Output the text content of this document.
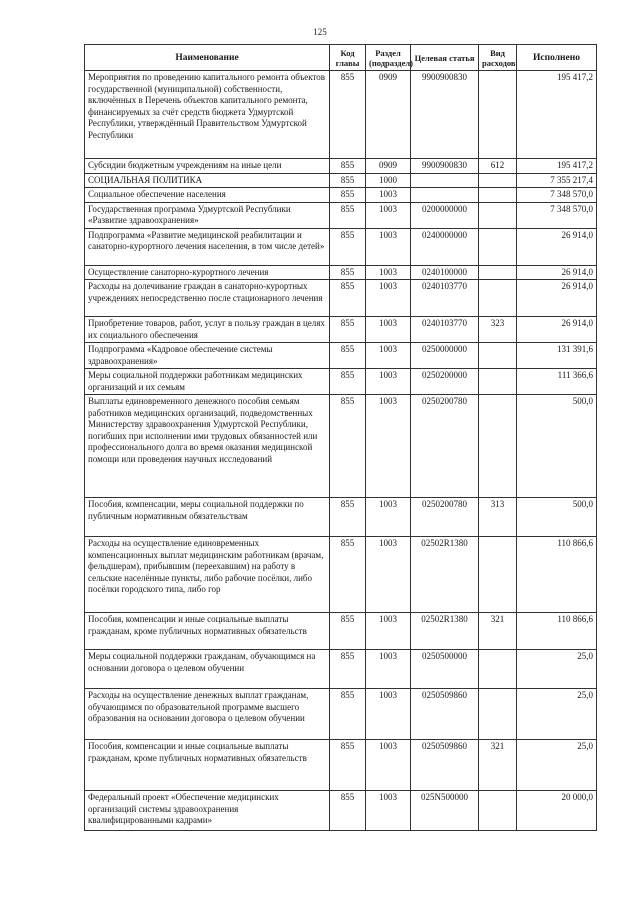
125
Наименование	Код главы	Раздел (подраздел)	Целевая статья	Вид расходов	Исполнено
Мероприятия по проведению капитального ремонта объектов государственной (муниципальной) собственности, включённых в Перечень объектов капитального ремонта, финансируемых за счёт средств бюджета Удмуртской Республики, утверждённый Правительством Удмуртской Республики	855	0909	9900900830		195 417,2
Субсидии бюджетным учреждениям на иные цели	855	0909	9900900830	612	195 417,2
СОЦИАЛЬНАЯ ПОЛИТИКА	855	1000			7 355 217,4
Социальное обеспечение населения	855	1003			7 348 570,0
Государственная программа Удмуртской Республики «Развитие здравоохранения»	855	1003	0200000000		7 348 570,0
Подпрограмма «Развитие медицинской реабилитации и санаторно-курортного лечения населения, в том числе детей»	855	1003	0240000000		26 914,0
Осуществление санаторно-курортного лечения	855	1003	0240100000		26 914,0
Расходы на долечивание граждан в санаторно-курортных учреждениях непосредственно после стационарного лечения	855	1003	0240103770		26 914,0
Приобретение товаров, работ, услуг в пользу граждан в целях их социального обеспечения	855	1003	0240103770	323	26 914,0
Подпрограмма «Кадровое обеспечение системы здравоохранения»	855	1003	0250000000		131 391,6
Меры социальной поддержки работникам медицинских организаций и их семьям	855	1003	0250200000		111 366,6
Выплаты единовременного денежного пособия семьям работников медицинских организаций, подведомственных Министерству здравоохранения Удмуртской Республики, погибших при исполнении ими трудовых обязанностей или профессионального долга во время оказания медицинской помощи или проведения научных исследований	855	1003	0250200780		500,0
Пособия, компенсации, меры социальной поддержки по публичным нормативным обязательствам	855	1003	0250200780	313	500,0
Расходы на осуществление единовременных компенсационных выплат медицинским работникам (врачам, фельдшерам), прибывшим (переехавшим) на работу в сельские населённые пункты, либо рабочие посёлки, либо посёлки городского типа, либо гор	855	1003	02502R1380		110 866,6
Пособия, компенсации и иные социальные выплаты гражданам, кроме публичных нормативных обязательств	855	1003	02502R1380	321	110 866,6
Меры социальной поддержки гражданам, обучающимся на основании договора о целевом обучении	855	1003	0250500000		25,0
Расходы на осуществление денежных выплат гражданам, обучающимся по образовательной программе высшего образования на основании договора о целевом обучении	855	1003	0250509860		25,0
Пособия, компенсации и иные социальные выплаты гражданам, кроме публичных нормативных обязательств	855	1003	0250509860	321	25,0
Федеральный проект «Обеспечение медицинских организаций системы здравоохранения квалифицированными кадрами»	855	1003	025N500000		20 000,0
